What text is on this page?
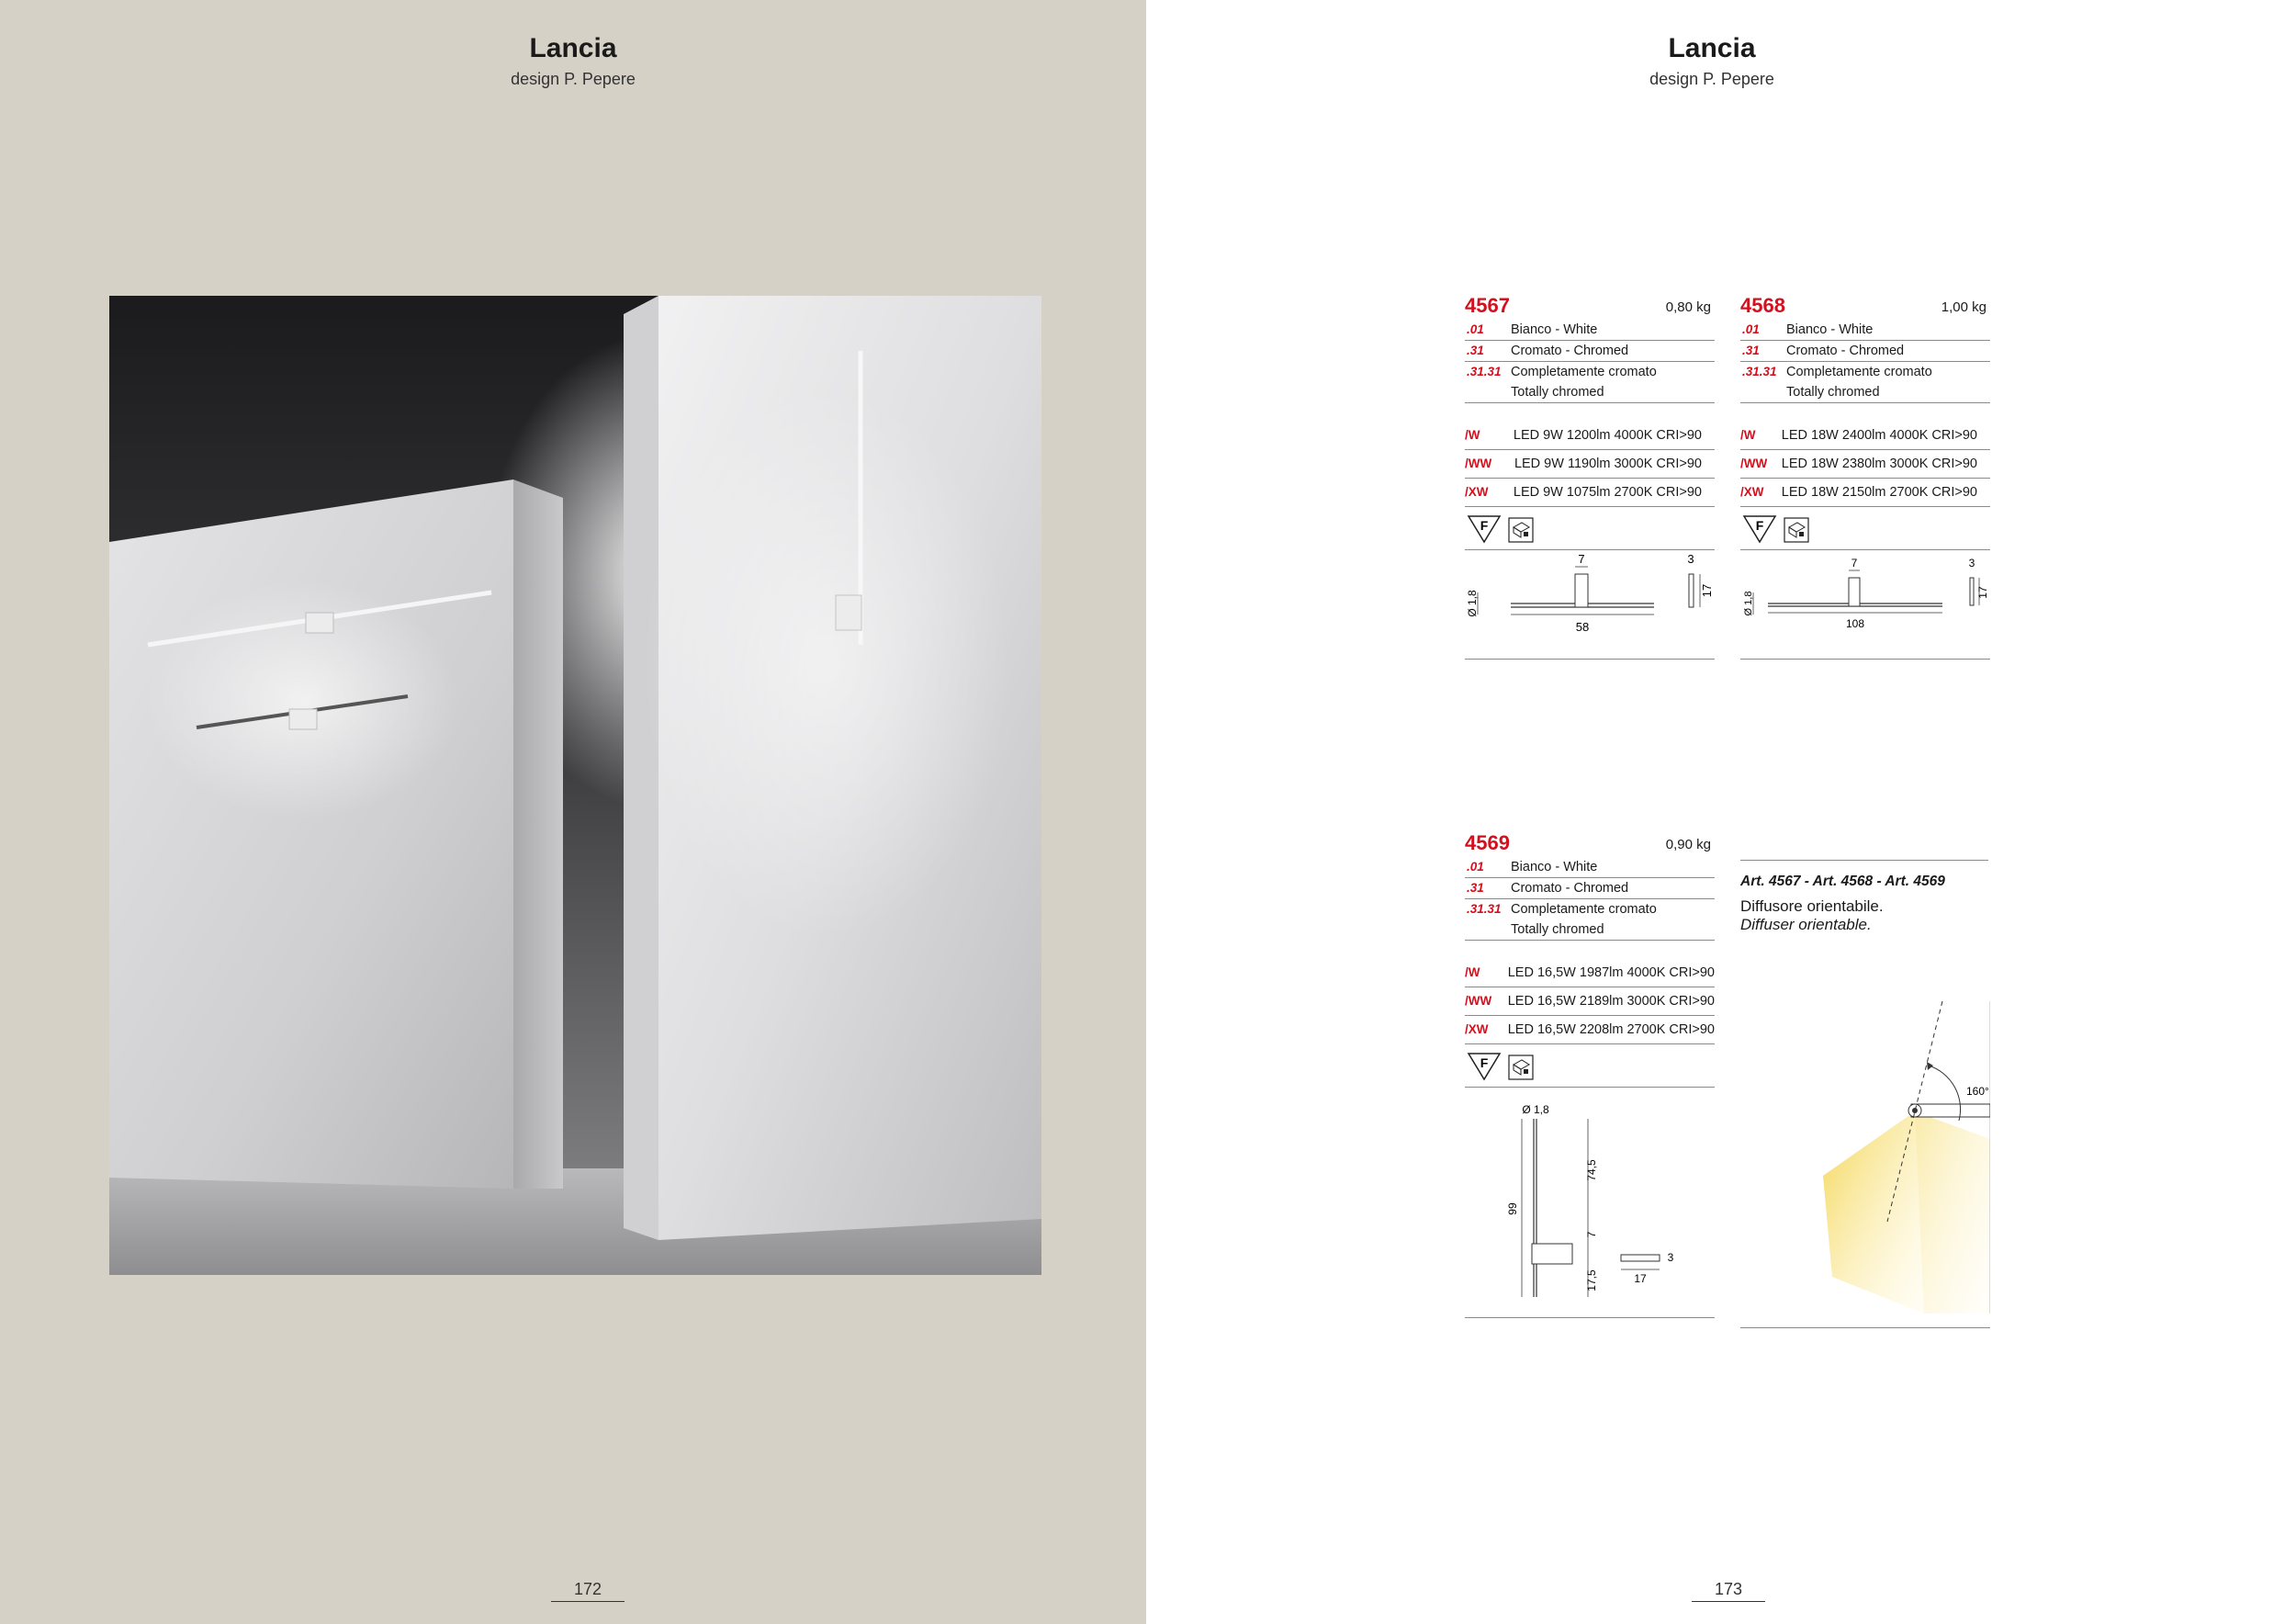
Lancia
design P. Pepere
172
Lancia
design P. Pepere
173
4567	0,80 kg
.01 Bianco - White
.31 Cromato - Chromed
.31.31 Completamente cromato
Totally chromed
/W	LED 9W 1200lm 4000K CRI>90
/WW LED 9W 1190lm 3000K CRI>90
/XW LED 9W 1075lm 2700K CRI>90
F
7
58
3
17
Ø 1,8
4568	1,00 kg
.01 Bianco - White
.31 Cromato - Chromed
.31.31 Completamente cromato
Totally chromed
/W LED 18W 2400lm 4000K CRI>90
/WW LED 18W 2380lm 3000K CRI>90
/XW LED 18W 2150lm 2700K CRI>90
F
7
108
3
17
Ø 1,8
4569	0,90 kg
.01 Bianco - White
.31 Cromato - Chromed
.31.31 Completamente cromato
Totally chromed
/W LED 16,5W 1987lm 4000K CRI>90
/WW LED 16,5W 2189lm 3000K CRI>90
/XW LED 16,5W 2208lm 2700K CRI>90
F
Ø 1,8
99
74,5
7
17,5	17
3
Art. 4567 - Art. 4568 - Art. 4569
Diffusore orientabile.
Diffuser orientable.
160°
